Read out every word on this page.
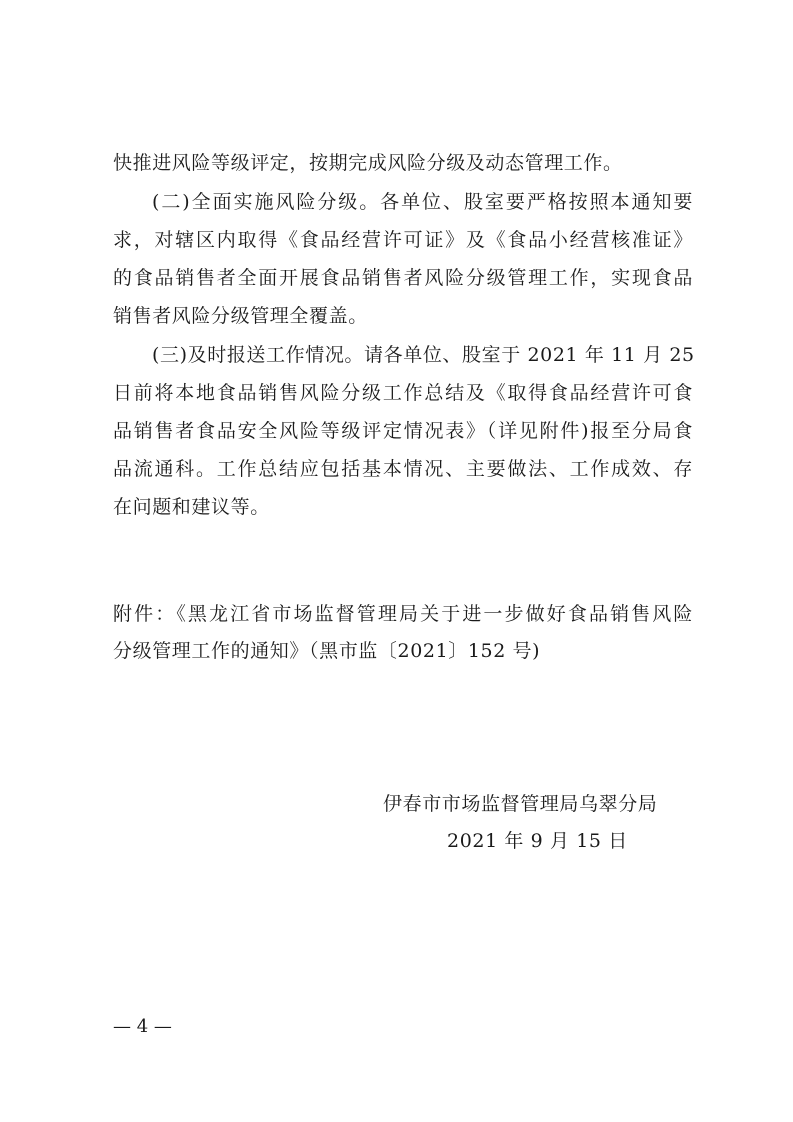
快推进风险等级评定，按期完成风险分级及动态管理工作。
(二)全面实施风险分级。各单位、股室要严格按照本通知要
求，对辖区内取得《食品经营许可证》及《食品小经营核准证》
的食品销售者全面开展食品销售者风险分级管理工作，实现食品
销售者风险分级管理全覆盖。
(三)及时报送工作情况。请各单位、股室于 2021 年 11 月 25
日前将本地食品销售风险分级工作总结及《取得食品经营许可食
品销售者食品安全风险等级评定情况表》（详见附件)报至分局食
品流通科。工作总结应包括基本情况、主要做法、工作成效、存
在问题和建议等。
附件：《黑龙江省市场监督管理局关于进一步做好食品销售风险
分级管理工作的通知》（黑市监〔2021〕152 号)
伊春市市场监督管理局乌翠分局
2021 年 9 月 15 日
— 4 —
